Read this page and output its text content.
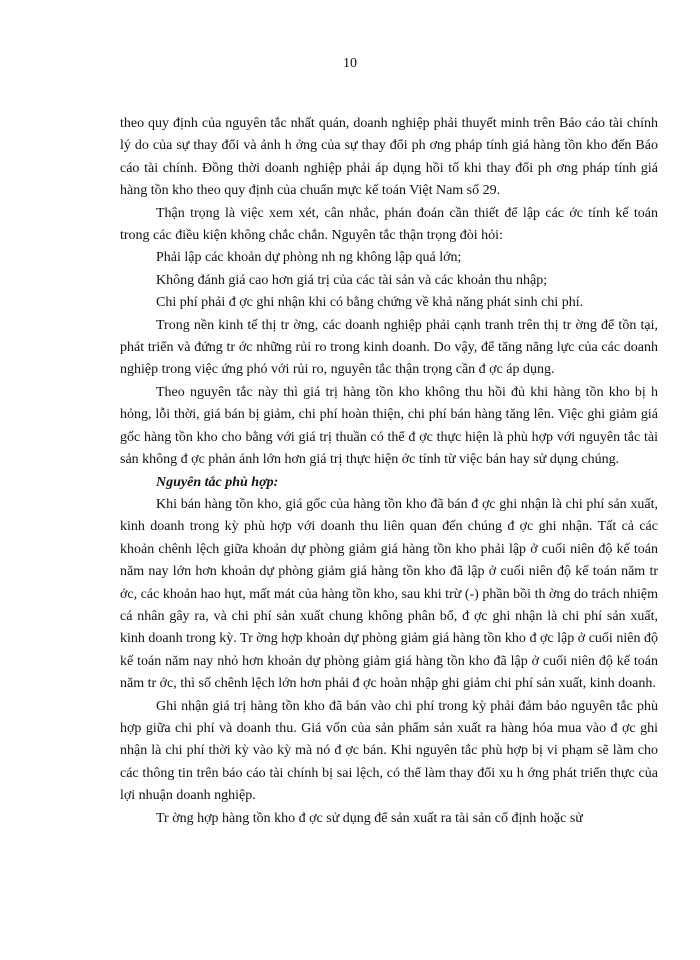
10

theo quy định của nguyên tắc nhất quán, doanh nghiệp phải thuyết minh trên Báo cáo tài chính lý do của sự thay đổi và ảnh h ởng của sự thay đổi ph ơng pháp tính giá hàng tồn kho đến Báo cáo tài chính. Đồng thời doanh nghiệp phải áp dụng hồi tố khi thay đổi ph ơng pháp tính giá hàng tồn kho theo quy định của chuẩn mực kế toán Việt Nam số 29.

Thận trọng là việc xem xét, cân nhắc, phán đoán cần thiết để lập các ớc tính kế toán trong các điều kiện không chắc chắn. Nguyên tắc thận trọng đòi hỏi:

Phải lập các khoản dự phòng nh ng không lập quá lớn;

Không đánh giá cao hơn giá trị của các tài sản và các khoản thu nhập;

Chi phí phải đ ợc ghi nhận khi có bằng chứng về khả năng phát sinh chi phí.

Trong nền kinh tế thị tr ờng, các doanh nghiệp phải cạnh tranh trên thị tr ờng để tồn tại, phát triển và đứng tr ớc những rủi ro trong kinh doanh. Do vậy, để tăng năng lực của các doanh nghiệp trong việc ứng phó với rủi ro, nguyên tắc thận trọng cần đ ợc áp dụng.

Theo nguyên tắc này thì giá trị hàng tồn kho không thu hồi đủ khi hàng tồn kho bị h hỏng, lỗi thời, giá bán bị giảm, chi phí hoàn thiện, chi phí bán hàng tăng lên. Việc ghi giảm giá gốc hàng tồn kho cho bằng với giá trị thuần có thể đ ợc thực hiện là phù hợp với nguyên tắc tài sản không đ ợc phản ánh lớn hơn giá trị thực hiện ớc tính từ việc bán hay sử dụng chúng.

Nguyên tắc phù hợp:

Khi bán hàng tồn kho, giá gốc của hàng tồn kho đã bán đ ợc ghi nhận là chi phí sản xuất, kinh doanh trong kỳ phù hợp với doanh thu liên quan đến chúng đ ợc ghi nhận. Tất cả các khoản chênh lệch giữa khoản dự phòng giảm giá hàng tồn kho phải lập ở cuối niên độ kế toán năm nay lớn hơn khoản dự phòng giảm giá hàng tồn kho đã lập ở cuối niên độ kế toán năm tr ớc, các khoản hao hụt, mất mát của hàng tồn kho, sau khi trừ (-) phần bồi th ờng do trách nhiệm cá nhân gây ra, và chi phí sản xuất chung không phân bổ, đ ợc ghi nhận là chi phí sản xuất, kinh doanh trong kỳ. Tr ờng hợp khoản dự phòng giảm giá hàng tồn kho đ ợc lập ở cuối niên độ kế toán năm nay nhỏ hơn khoản dự phòng giảm giá hàng tồn kho đã lập ở cuối niên độ kế toán năm tr ớc, thì số chênh lệch lớn hơn phải đ ợc hoàn nhập ghi giảm chi phí sản xuất, kinh doanh.

Ghi nhận giá trị hàng tồn kho đã bán vào chi phí trong kỳ phải đảm bảo nguyên tắc phù hợp giữa chi phí và doanh thu. Giá vốn của sản phẩm sản xuất ra hàng hóa mua vào đ ợc ghi nhận là chi phí thời kỳ vào kỳ mà nó đ ợc bán. Khi nguyên tắc phù hợp bị vi phạm sẽ làm cho các thông tin trên báo cáo tài chính bị sai lệch, có thể làm thay đổi xu h ớng phát triển thực của lợi nhuận doanh nghiệp.

Tr ờng hợp hàng tồn kho đ ợc sử dụng để sản xuất ra tài sản cố định hoặc sử
